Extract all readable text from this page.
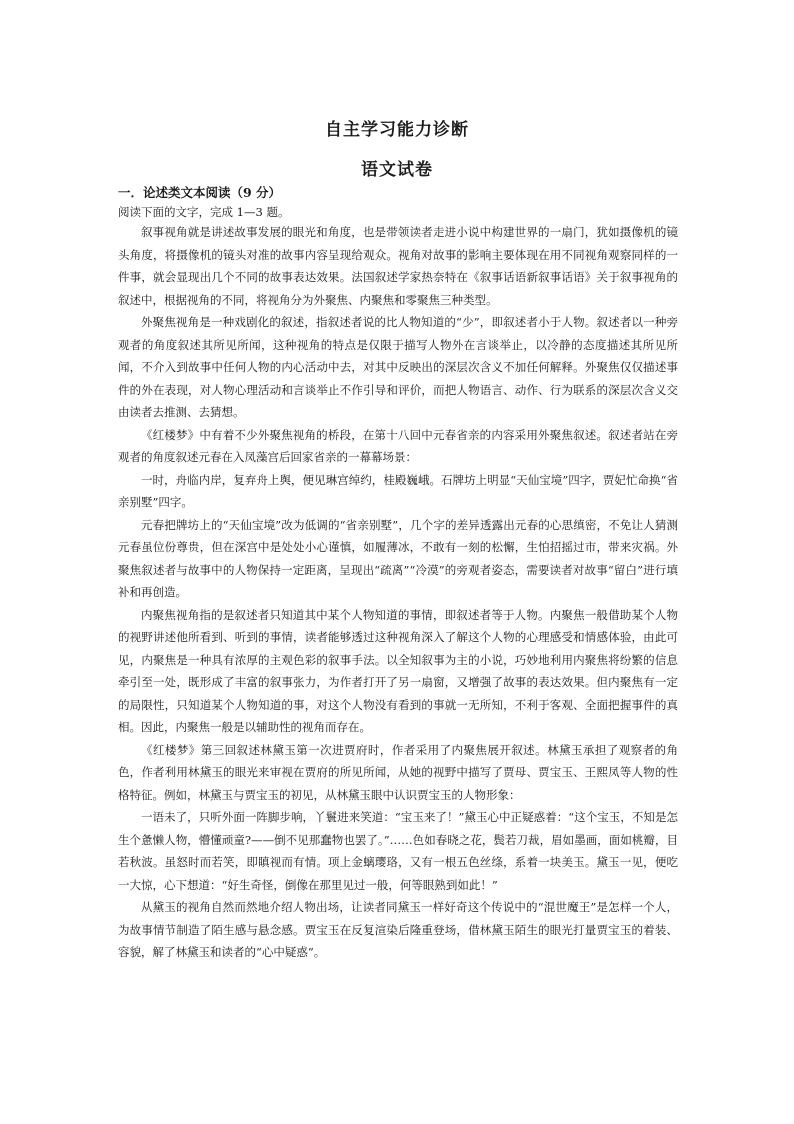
自主学习能力诊断
语文试卷
一．论述类文本阅读（9 分）
阅读下面的文字，完成 1—3 题。

叙事视角就是讲述故事发展的眼光和角度，也是带领读者走进小说中构建世界的一扇门，犹如摄像机的镜头角度，将摄像机的镜头对准的故事内容呈现给观众。视角对故事的影响主要体现在用不同视角观察同样的一件事，就会显现出几个不同的故事表达效果。法国叙述学家热奈特在《叙事话语新叙事话语》关于叙事视角的叙述中，根据视角的不同，将视角分为外聚焦、内聚焦和零聚焦三种类型。

外聚焦视角是一种戏剧化的叙述，指叙述者说的比人物知道的“少”，即叙述者小于人物。叙述者以一种旁观者的角度叙述其所见所闻，这种视角的特点是仅限于描写人物外在言谈举止，以冷静的态度描述其所见所闻，不介入到故事中任何人物的内心活动中去，对其中反映出的深层次含义不加任何解释。外聚焦仅仅描述事件的外在表现，对人物心理活动和言谈举止不作引导和评价，而把人物语言、动作、行为联系的深层次含义交由读者去推测、去猜想。

《红楼梦》中有着不少外聚焦视角的桥段，在第十八回中元春省亲的内容采用外聚焦叙述。叙述者站在旁观者的角度叙述元春在入凤藻宫后回家省亲的一幕幕场景：

一时，舟临内岸，复弃舟上舆，便见琳宫绰约，桂殿巍峨。石牌坊上明显“天仙宝境”四字，贾妃忙命换“省亲别墅”四字。

元春把牌坊上的“天仙宝境”改为低调的“省亲别墅”，几个字的差异透露出元春的心思缜密，不免让人猜测元春虽位份尊贵，但在深宫中是处处小心谨慎，如履薄冰，不敢有一刻的松懈，生怕招摇过市，带来灾祸。外聚焦叙述者与故事中的人物保持一定距离，呈现出“疏离”“冷漠”的旁观者姿态，需要读者对故事“留白”进行填补和再创造。

内聚焦视角指的是叙述者只知道其中某个人物知道的事情，即叙述者等于人物。内聚焦一般借助某个人物的视野讲述他所看到、听到的事情，读者能够透过这种视角深入了解这个人物的心理感受和情感体验，由此可见，内聚焦是一种具有浓厚的主观色彩的叙事手法。以全知叙事为主的小说，巧妙地利用内聚焦将纷繁的信息牵引至一处，既形成了丰富的叙事张力，为作者打开了另一扇窗，又增强了故事的表达效果。但内聚焦有一定的局限性，只知道某个人物知道的事，对这个人物没有看到的事就一无所知，不利于客观、全面把握事件的真相。因此，内聚焦一般是以辅助性的视角而存在。

《红楼梦》第三回叙述林黛玉第一次进贾府时，作者采用了内聚焦展开叙述。林黛玉承担了观察者的角色，作者利用林黛玉的眼光来审视在贾府的所见所闻，从她的视野中描写了贾母、贾宝玉、王熙凤等人物的性格特征。例如，林黛玉与贾宝玉的初见，从林黛玉眼中认识贾宝玉的人物形象：

一语未了，只听外面一阵脚步响，丫鬟进来笑道：“宝玉来了！”黛玉心中正疑惑着：“这个宝玉，不知是怎生个惫懒人物，懵懂顽童?——倒不见那蠢物也罢了。”……色如春晓之花，鬓若刀裁，眉如墨画，面如桃瓣，目若秋波。虽怒时而若笑，即瞋视而有情。项上金螭璎珞，又有一根五色丝绦，系着一块美玉。黛玉一见，便吃一大惊，心下想道：“好生奇怪，倒像在那里见过一般，何等眼熟到如此！”

从黛玉的视角自然而然地介绍人物出场，让读者同黛玉一样好奇这个传说中的“混世魔王”是怎样一个人，为故事情节制造了陌生感与悬念感。贾宝玉在反复渲染后隆重登场，借林黛玉陌生的眼光打量贾宝玉的着装、容貌，解了林黛玉和读者的“心中疑惑”。
